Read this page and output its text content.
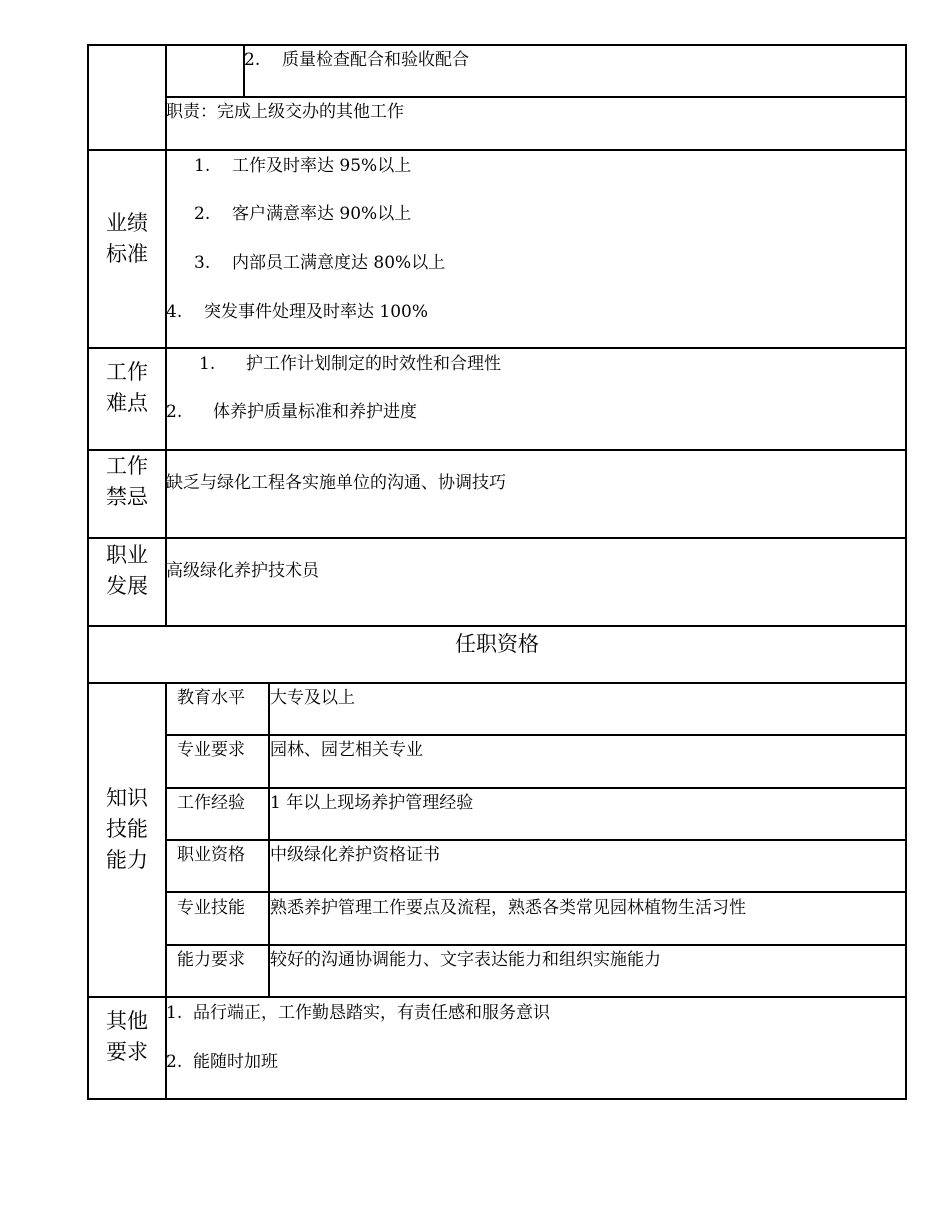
2. 质量检查配合和验收配合
职责：完成上级交办的其他工作
业绩标准
1. 工作及时率达 95%以上
2. 客户满意率达 90%以上
3. 内部员工满意度达 80%以上
4. 突发事件处理及时率达 100%
工作难点
1. 护工作计划制定的时效性和合理性
2. 体养护质量标准和养护进度
工作禁忌
缺乏与绿化工程各实施单位的沟通、协调技巧
职业发展
高级绿化养护技术员
任职资格
知识技能能力
教育水平 大专及以上
专业要求 园林、园艺相关专业
工作经验 1 年以上现场养护管理经验
职业资格 中级绿化养护资格证书
专业技能 熟悉养护管理工作要点及流程，熟悉各类常见园林植物生活习性
能力要求 较好的沟通协调能力、文字表达能力和组织实施能力
其他要求
1.  品行端正，工作勤恳踏实，有责任感和服务意识
2.  能随时加班
